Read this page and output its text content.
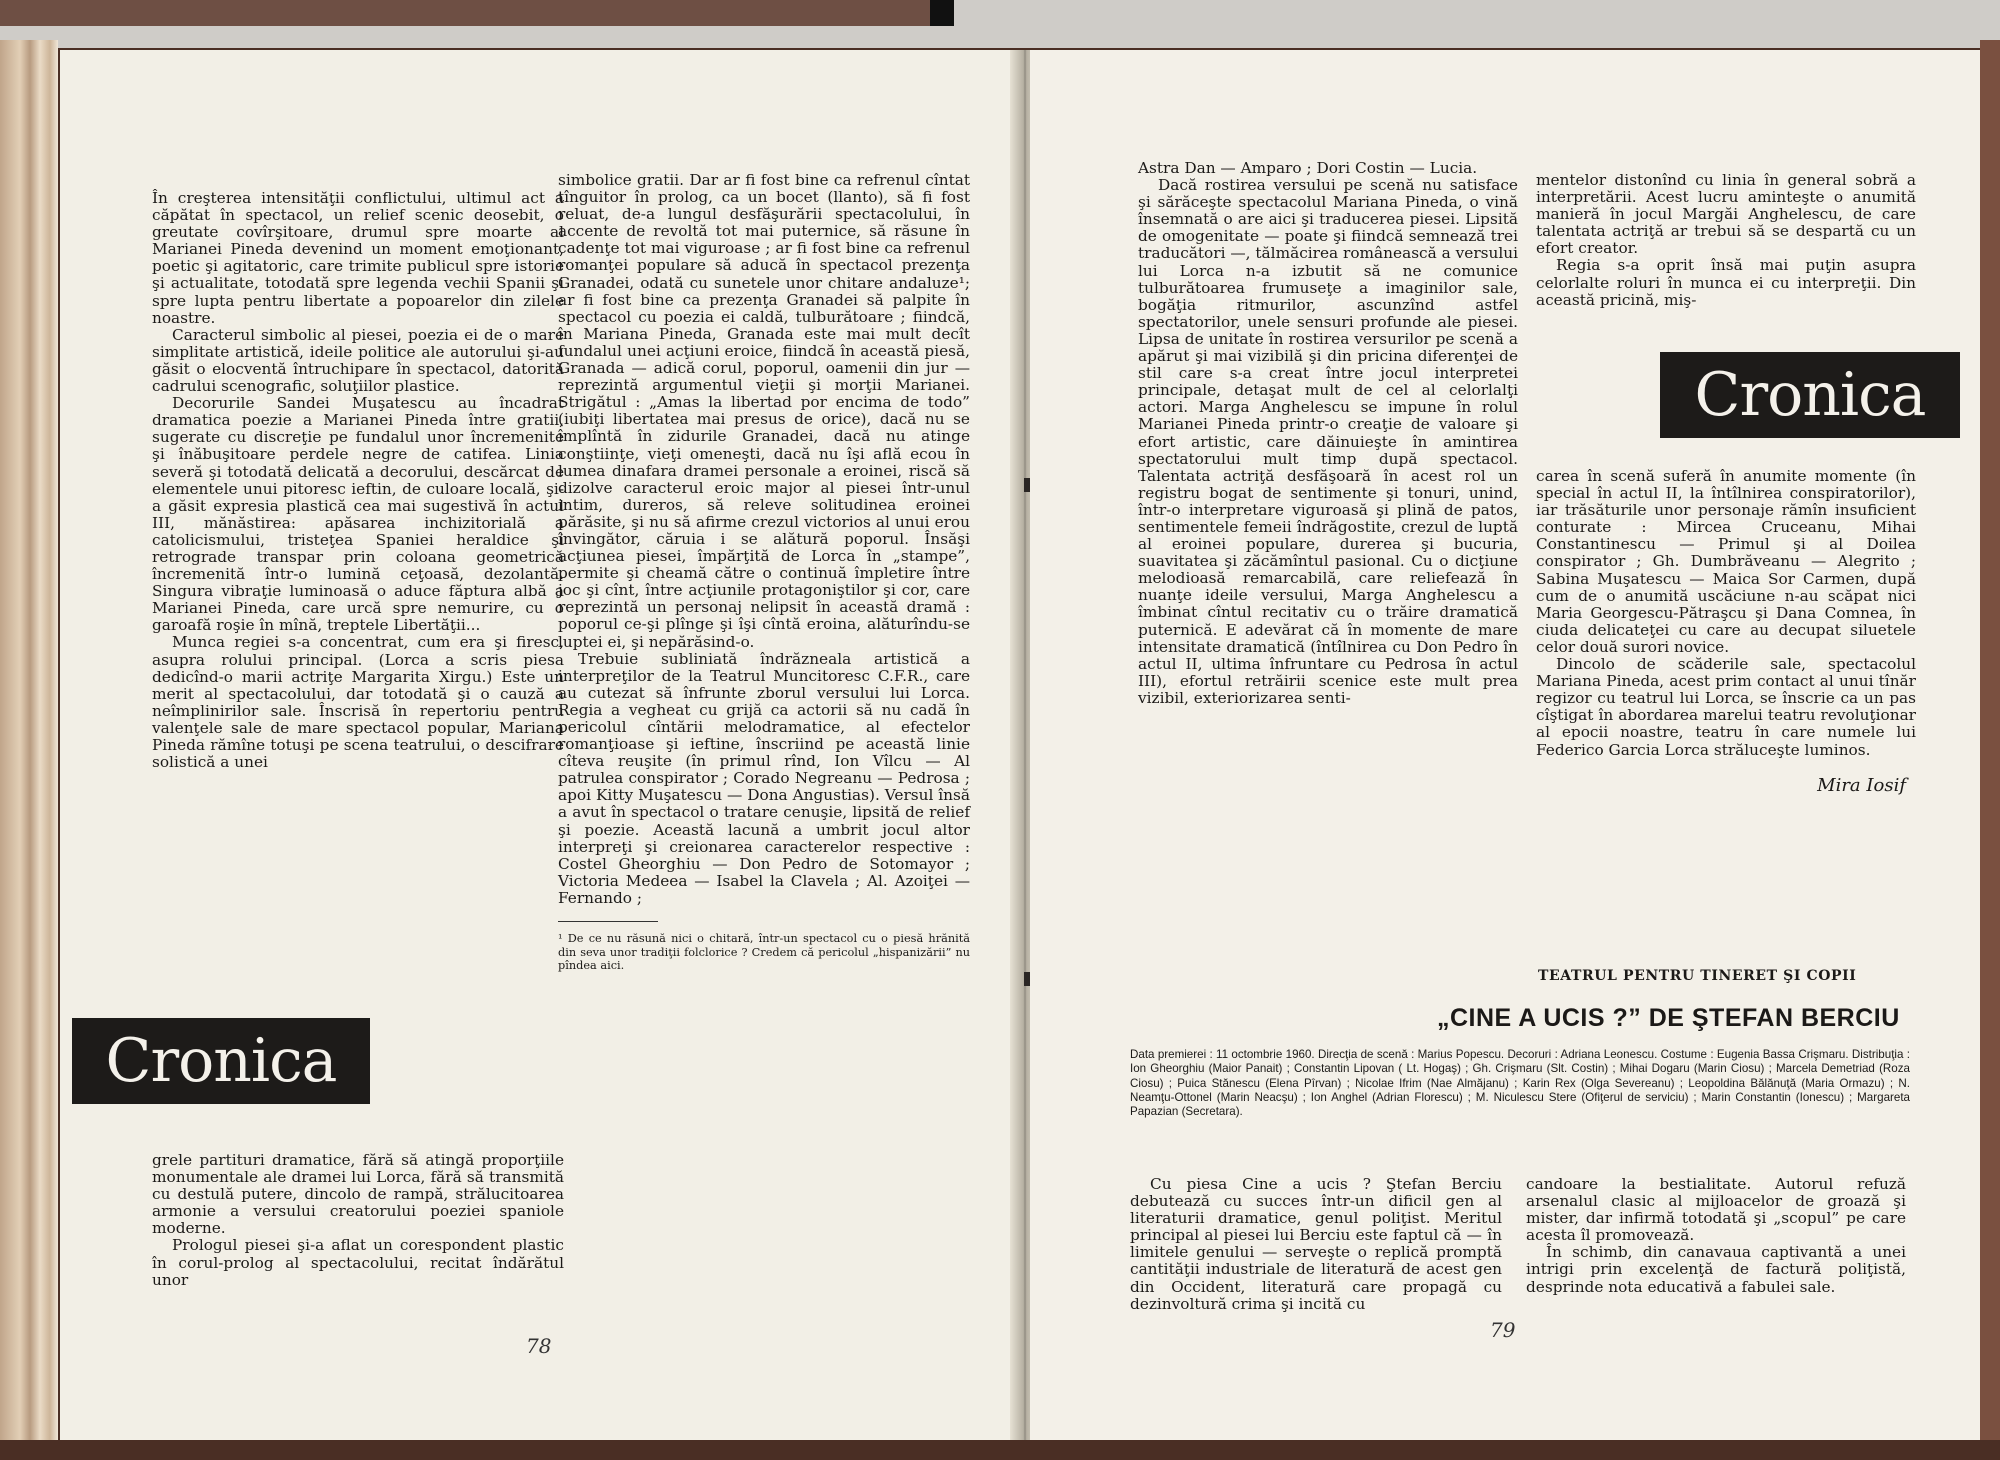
În creşterea intensităţii conflictului, ultimul act a căpătat în spectacol, un relief scenic deosebit, o greutate covîrşitoare, drumul spre moarte al Marianei Pineda devenind un moment emoţionant, poetic şi agitatoric, care trimite publicul spre istorie şi actualitate, totodată spre legenda vechii Spanii şi spre lupta pentru libertate a popoarelor din zilele noastre.

Caracterul simbolic al piesei, poezia ei de o mare simplitate artistică, ideile politice ale autorului şi-au găsit o elocventă întruchipare în spectacol, datorită cadrului scenografic, soluţiilor plastice.

Decorurile Sandei Muşatescu au încadrat dramatica poezie a Marianei Pineda între gratii, sugerate cu discreţie pe fundalul unor încremenite şi înăbuşitoare perdele negre de catifea. Linia severă şi totodată delicată a decorului, descărcat de elementele unui pitoresc ieftin, de culoare locală, şi-a găsit expresia plastică cea mai sugestivă în actul III, mănăstirea: apăsarea inchizitorială a catolicismului, tristeţea Spaniei heraldice şi retrograde transpar prin coloana geometrică încremenită într-o lumină ceţoasă, dezolantă. Singura vibraţie luminoasă o aduce făptura albă a Marianei Pineda, care urcă spre nemurire, cu o garoafă roşie în mînă, treptele Libertăţii...

Munca regiei s-a concentrat, cum era şi firesc, asupra rolului principal. (Lorca a scris piesa dedicînd-o marii actriţe Margarita Xirgu.) Este un merit al spectacolului, dar totodată şi o cauză a neîmplinirilor sale. Înscrisă în repertoriu pentru valenţele sale de mare spectacol popular, Mariana Pineda rămîne totuşi pe scena teatrului, o descifrare solistică a unei

Cronica

grele partituri dramatice, fără să atingă proporţiile monumentale ale dramei lui Lorca, fără să transmită cu destulă putere, dincolo de rampă, strălucitoarea armonie a versului creatorului poeziei spaniole moderne.

Prologul piesei şi-a aflat un corespondent plastic în corul-prolog al spectacolului, recitat îndărătul unor

simbolice gratii. Dar ar fi fost bine ca refrenul cîntat tînguitor în prolog, ca un bocet (llanto), să fi fost reluat, de-a lungul desfăşurării spectacolului, în accente de revoltă tot mai puternice, să răsune în cadenţe tot mai viguroase ; ar fi fost bine ca refrenul romanţei populare să aducă în spectacol prezenţa Granadei, odată cu sunetele unor chitare andaluze¹; ar fi fost bine ca prezenţa Granadei să palpite în spectacol cu poezia ei caldă, tulburătoare ; fiindcă, în Mariana Pineda, Granada este mai mult decît fundalul unei acţiuni eroice, fiindcă în această piesă, Granada — adică corul, poporul, oamenii din jur — reprezintă argumentul vieţii şi morţii Marianei. Strigătul : „Amas la libertad por encima de todo” (iubiţi libertatea mai presus de orice), dacă nu se împlîntă în zidurile Granadei, dacă nu atinge conştiinţe, vieţi omeneşti, dacă nu îşi află ecou în lumea dinafara dramei personale a eroinei, riscă să dizolve caracterul eroic major al piesei într-unul intim, dureros, să releve solitudinea eroinei părăsite, şi nu să afirme crezul victorios al unui erou învingător, căruia i se alătură poporul. Însăşi acţiunea piesei, împărţită de Lorca în „stampe”, permite şi cheamă către o continuă împletire între joc şi cînt, între acţiunile protagoniştilor şi cor, care reprezintă un personaj nelipsit în această dramă : poporul ce-şi plînge şi îşi cîntă eroina, alăturîndu-se luptei ei, şi nepărăsind-o.

Trebuie subliniată îndrăzneala artistică a interpreţilor de la Teatrul Muncitoresc C.F.R., care au cutezat să înfrunte zborul versului lui Lorca. Regia a vegheat cu grijă ca actorii să nu cadă în pericolul cîntării melodramatice, al efectelor romanţioase şi ieftine, înscriind pe această linie cîteva reuşite (în primul rînd, Ion Vîlcu — Al patrulea conspirator ; Corado Negreanu — Pedrosa ; apoi Kitty Muşatescu — Dona Angustias). Versul însă a avut în spectacol o tratare cenuşie, lipsită de relief şi poezie. Această lacună a umbrit jocul altor interpreţi şi creionarea caracterelor respective : Costel Gheorghiu — Don Pedro de Sotomayor ; Victoria Medeea — Isabel la Clavela ; Al. Azoiţei — Fernando ;

¹ De ce nu răsună nici o chitară, într-un spectacol cu o piesă hrănită din seva unor tradiţii folclorice ? Credem că pericolul „hispanizării” nu pîndea aici.
78

Astra Dan — Amparo ; Dori Costin — Lucia.

Dacă rostirea versului pe scenă nu satisface şi sărăceşte spectacolul Mariana Pineda, o vină însemnată o are aici şi traducerea piesei. Lipsită de omogenitate — poate şi fiindcă semnează trei traducători —, tălmăcirea românească a versului lui Lorca n-a izbutit să ne comunice tulburătoarea frumuseţe a imaginilor sale, bogăţia ritmurilor, ascunzînd astfel spectatorilor, unele sensuri profunde ale piesei. Lipsa de unitate în rostirea versurilor pe scenă a apărut şi mai vizibilă şi din pricina diferenţei de stil care s-a creat între jocul interpretei principale, detaşat mult de cel al celorlalţi actori. Marga Anghelescu se impune în rolul Marianei Pineda printr-o creaţie de valoare şi efort artistic, care dăinuieşte în amintirea spectatorului mult timp după spectacol. Talentata actriţă desfăşoară în acest rol un registru bogat de sentimente şi tonuri, unind, într-o interpretare viguroasă şi plină de patos, sentimentele femeii îndrăgostite, crezul de luptă al eroinei populare, durerea şi bucuria, suavitatea şi zăcămîntul pasional. Cu o dicţiune melodioasă remarcabilă, care reliefează în nuanţe ideile versului, Marga Anghelescu a îmbinat cîntul recitativ cu o trăire dramatică puternică. E adevărat că în momente de mare intensitate dramatică (întîlnirea cu Don Pedro în actul II, ultima înfruntare cu Pedrosa în actul III), efortul retrăirii scenice este mult prea vizibil, exteriorizarea senti-

mentelor distonînd cu linia în general sobră a interpretării. Acest lucru aminteşte o anumită manieră în jocul Margăi Anghelescu, de care talentata actriţă ar trebui să se despartă cu un efort creator.

Regia s-a oprit însă mai puţin asupra celorlalte roluri în munca ei cu interpreţii. Din această pricină, miş-

Cronica

carea în scenă suferă în anumite momente (în special în actul II, la întîlnirea conspiratorilor), iar trăsăturile unor personaje rămîn insuficient conturate : Mircea Cruceanu, Mihai Constantinescu — Primul şi al Doilea conspirator ; Gh. Dumbrăveanu — Alegrito ; Sabina Muşatescu — Maica Sor Carmen, după cum de o anumită uscăciune n-au scăpat nici Maria Georgescu-Pătraşcu şi Dana Comnea, în ciuda delicateţei cu care au decupat siluetele celor două surori novice.

Dincolo de scăderile sale, spectacolul Mariana Pineda, acest prim contact al unui tînăr regizor cu teatrul lui Lorca, se înscrie ca un pas cîştigat în abordarea marelui teatru revoluţionar al epocii noastre, teatru în care numele lui Federico Garcia Lorca străluceşte luminos.

Mira Iosif
TEATRUL PENTRU TINERET ŞI COPII
„CINE A UCIS ?” DE ŞTEFAN BERCIU
Data premierei : 11 octombrie 1960. Direcţia de scenă : Marius Popescu. Decoruri : Adriana Leonescu. Costume : Eugenia Bassa Crişmaru. Distribuţia : Ion Gheorghiu (Maior Panait) ; Constantin Lipovan ( Lt. Hogaş) ; Gh. Crişmaru (Slt. Costin) ; Mihai Dogaru (Marin Ciosu) ; Marcela Demetriad (Roza Ciosu) ; Puica Stănescu (Elena Pîrvan) ; Nicolae Ifrim (Nae Almăjanu) ; Karin Rex (Olga Severeanu) ; Leopoldina Bălănuţă (Maria Ormazu) ; N. Neamţu-Ottonel (Marin Neacşu) ; Ion Anghel (Adrian Florescu) ; M. Niculescu Stere (Ofiţerul de serviciu) ; Marin Constantin (Ionescu) ; Margareta Papazian (Secretara).

Cu piesa Cine a ucis ? Ştefan Berciu debutează cu succes într-un dificil gen al literaturii dramatice, genul poliţist. Meritul principal al piesei lui Berciu este faptul că — în limitele genului — serveşte o replică promptă cantităţii industriale de literatură de acest gen din Occident, literatură care propagă cu dezinvoltură crima şi incită cu

candoare la bestialitate. Autorul refuză arsenalul clasic al mijloacelor de groază şi mister, dar infirmă totodată şi „scopul” pe care acesta îl promovează.

În schimb, din canavaua captivantă a unei intrigi prin excelenţă de factură poliţistă, desprinde nota educativă a fabulei sale.

79
